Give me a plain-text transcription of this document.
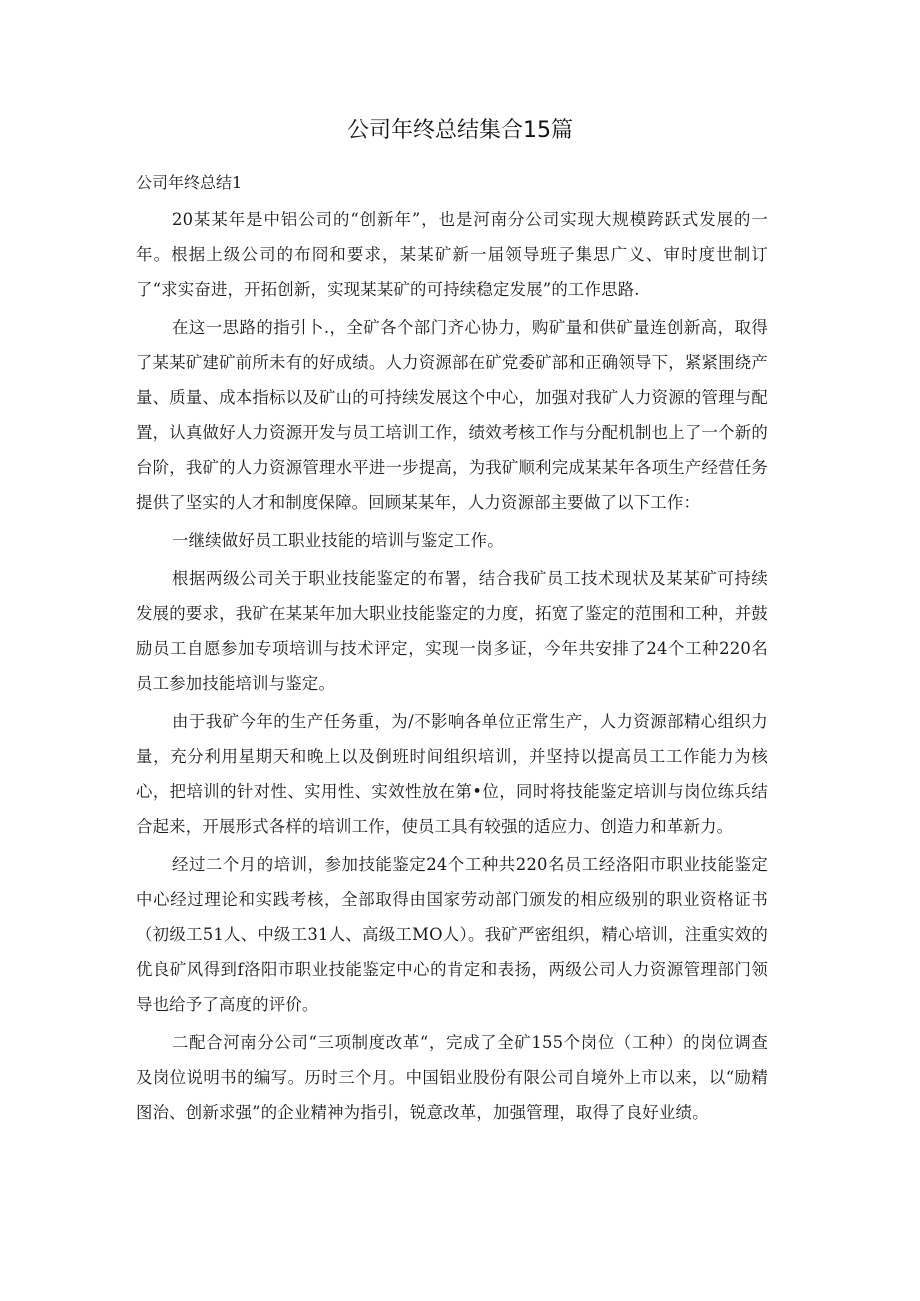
公司年终总结集合15篇

公司年终总结1

20某某年是中铝公司的“创新年”，也是河南分公司实现大规模跨跃式发展的一年。根据上级公司的布冏和要求，某某矿新一届领导班子集思广义、审时度世制订了“求实奋进，开拓创新，实现某某矿的可持续稳定发展”的工作思路.

在这一思路的指引卜.，全矿各个部门齐心协力，购矿量和供矿量连创新高，取得了某某矿建矿前所未有的好成绩。人力资源部在矿党委矿部和正确领导下，紧紧围绕产量、质量、成本指标以及矿山的可持续发展这个中心，加强对我矿人力资源的管理与配置，认真做好人力资源开发与员工培训工作，绩效考核工作与分配机制也上了一个新的台阶，我矿的人力资源管理水平进一步提高，为我矿顺利完成某某年各项生产经营任务提供了坚实的人才和制度保障。回顾某某年，人力资源部主要做了以下工作：

一继续做好员工职业技能的培训与鉴定工作。

根据两级公司关于职业技能鉴定的布署，结合我矿员工技术现状及某某矿可持续发展的要求，我矿在某某年加大职业技能鉴定的力度，拓宽了鉴定的范围和工种，并鼓励员工自愿参加专项培训与技术评定，实现一岗多证，今年共安排了24个工种220名员工参加技能培训与鉴定。

由于我矿今年的生产任务重，为/不影响各单位正常生产，人力资源部精心组织力量，充分利用星期天和晚上以及倒班时间组织培训，并坚持以提高员工工作能力为核心，把培训的针对性、实用性、实效性放在第•位，同时将技能鉴定培训与岗位练兵结合起来，开展形式各样的培训工作，使员工具有较强的适应力、创造力和革新力。

经过二个月的培训，参加技能鉴定24个工种共220名员工经洛阳市职业技能鉴定中心经过理论和实践考核，全部取得由国家劳动部门颁发的相应级别的职业资格证书（初级工51人、中级工31人、高级工MO人）。我矿严密组织，精心培训，注重实效的优良矿风得到f洛阳市职业技能鉴定中心的肯定和表扬，两级公司人力资源管理部门领导也给予了高度的评价。

二配合河南分公司“三项制度改革“，完成了全矿155个岗位（工种）的岗位调查及岗位说明书的编写。历时三个月。中国铝业股份有限公司自境外上市以来，以“励精图治、创新求强”的企业精神为指引，锐意改革，加强管理，取得了良好业绩。
